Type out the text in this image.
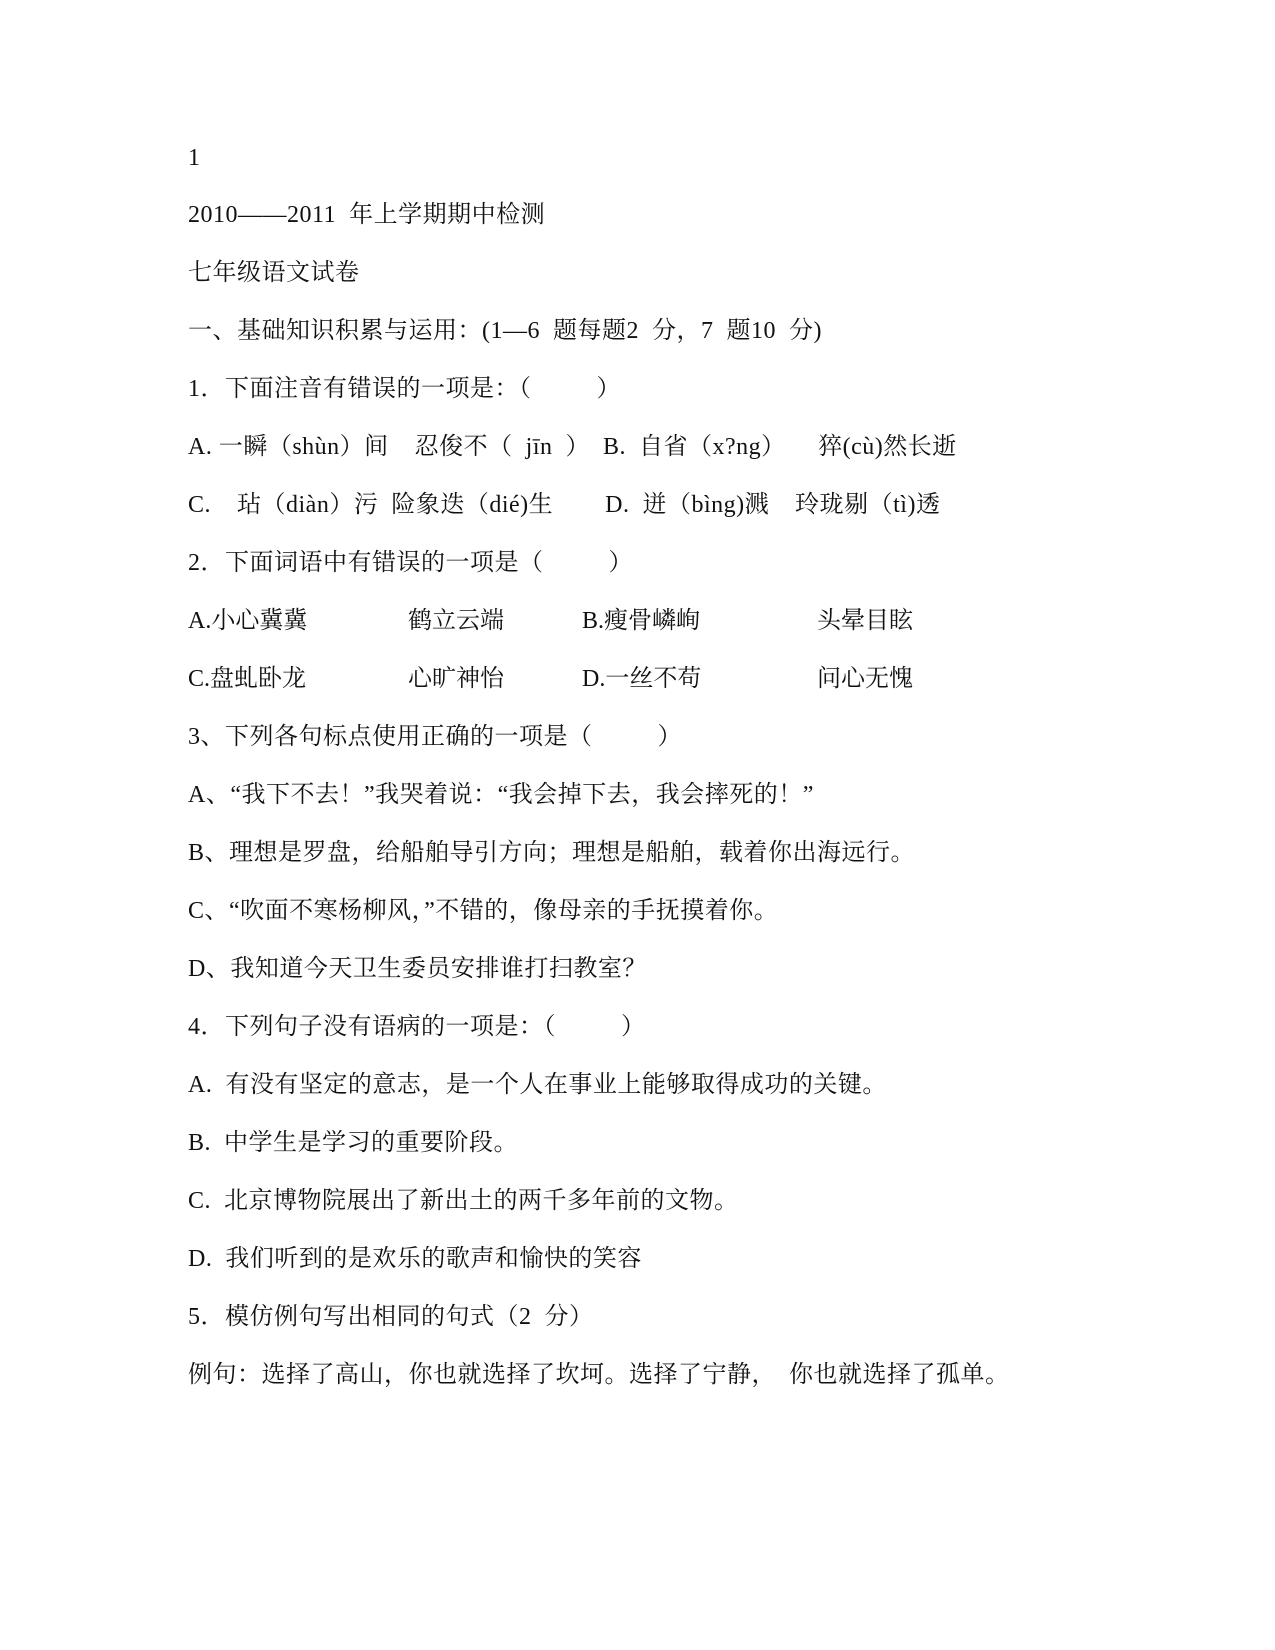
1
2010——2011  年上学期期中检测
七年级语文试卷
一、基础知识积累与运用：(1—6  题每题2  分，7  题10  分)
1．下面注音有错误的一项是：（          ）
A. 一瞬（shùn）间    忍俊不（  jīn  ）  B.  自省（x?ng）     猝(cù)然长逝
C.    玷（diàn）污  险象迭（dié)生        D.  迸（bìng)溅    玲珑剔（tì)透
2．下面词语中有错误的一项是（          ）
A.小心冀冀	鹤立云端	B.瘦骨嶙峋	头晕目眩
C.盘虬卧龙	心旷神怡	D.一丝不苟	问心无愧
3、下列各句标点使用正确的一项是（          ）
A、“我下不去！”我哭着说：“我会掉下去，我会摔死的！”
B、理想是罗盘，给船舶导引方向；理想是船舶，载着你出海远行。
C、“吹面不寒杨柳风，”不错的，像母亲的手抚摸着你。
D、我知道今天卫生委员安排谁打扫教室？
4．下列句子没有语病的一项是：（          ）
A.  有没有坚定的意志，是一个人在事业上能够取得成功的关键。
B.  中学生是学习的重要阶段。
C.  北京博物院展出了新出土的两千多年前的文物。
D.  我们听到的是欢乐的歌声和愉快的笑容
5．模仿例句写出相同的句式（2  分）
例句：选择了高山，你也就选择了坎坷。选择了宁静，  你也就选择了孤单。
